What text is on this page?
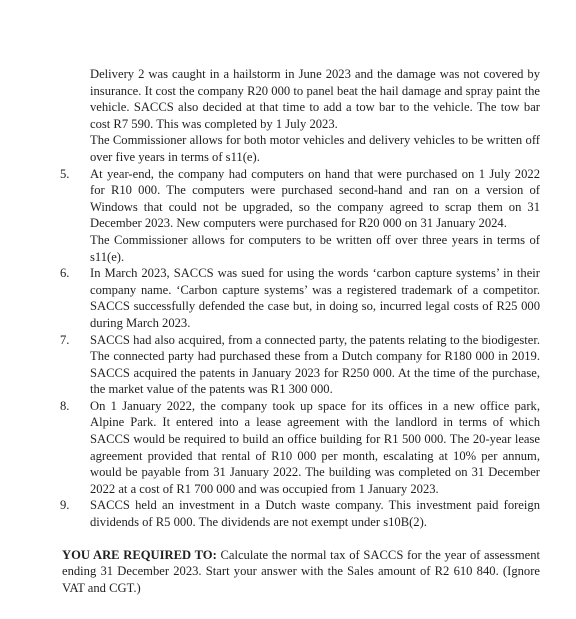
Delivery 2 was caught in a hailstorm in June 2023 and the damage was not covered by insurance. It cost the company R20 000 to panel beat the hail damage and spray paint the vehicle. SACCS also decided at that time to add a tow bar to the vehicle. The tow bar cost R7 590. This was completed by 1 July 2023.

The Commissioner allows for both motor vehicles and delivery vehicles to be written off over five years in terms of s11(e).

5. At year-end, the company had computers on hand that were purchased on 1 July 2022 for R10 000. The computers were purchased second-hand and ran on a version of Windows that could not be upgraded, so the company agreed to scrap them on 31 December 2023. New computers were purchased for R20 000 on 31 January 2024.

The Commissioner allows for computers to be written off over three years in terms of s11(e).

6. In March 2023, SACCS was sued for using the words ‘carbon capture systems’ in their company name. ‘Carbon capture systems’ was a registered trademark of a competitor. SACCS successfully defended the case but, in doing so, incurred legal costs of R25 000 during March 2023.

7. SACCS had also acquired, from a connected party, the patents relating to the biodigester. The connected party had purchased these from a Dutch company for R180 000 in 2019. SACCS acquired the patents in January 2023 for R250 000. At the time of the purchase, the market value of the patents was R1 300 000.

8. On 1 January 2022, the company took up space for its offices in a new office park, Alpine Park. It entered into a lease agreement with the landlord in terms of which SACCS would be required to build an office building for R1 500 000. The 20-year lease agreement provided that rental of R10 000 per month, escalating at 10% per annum, would be payable from 31 January 2022. The building was completed on 31 December 2022 at a cost of R1 700 000 and was occupied from 1 January 2023.

9. SACCS held an investment in a Dutch waste company. This investment paid foreign dividends of R5 000. The dividends are not exempt under s10B(2).

YOU ARE REQUIRED TO: Calculate the normal tax of SACCS for the year of assessment ending 31 December 2023. Start your answer with the Sales amount of R2 610 840. (Ignore VAT and CGT.)
